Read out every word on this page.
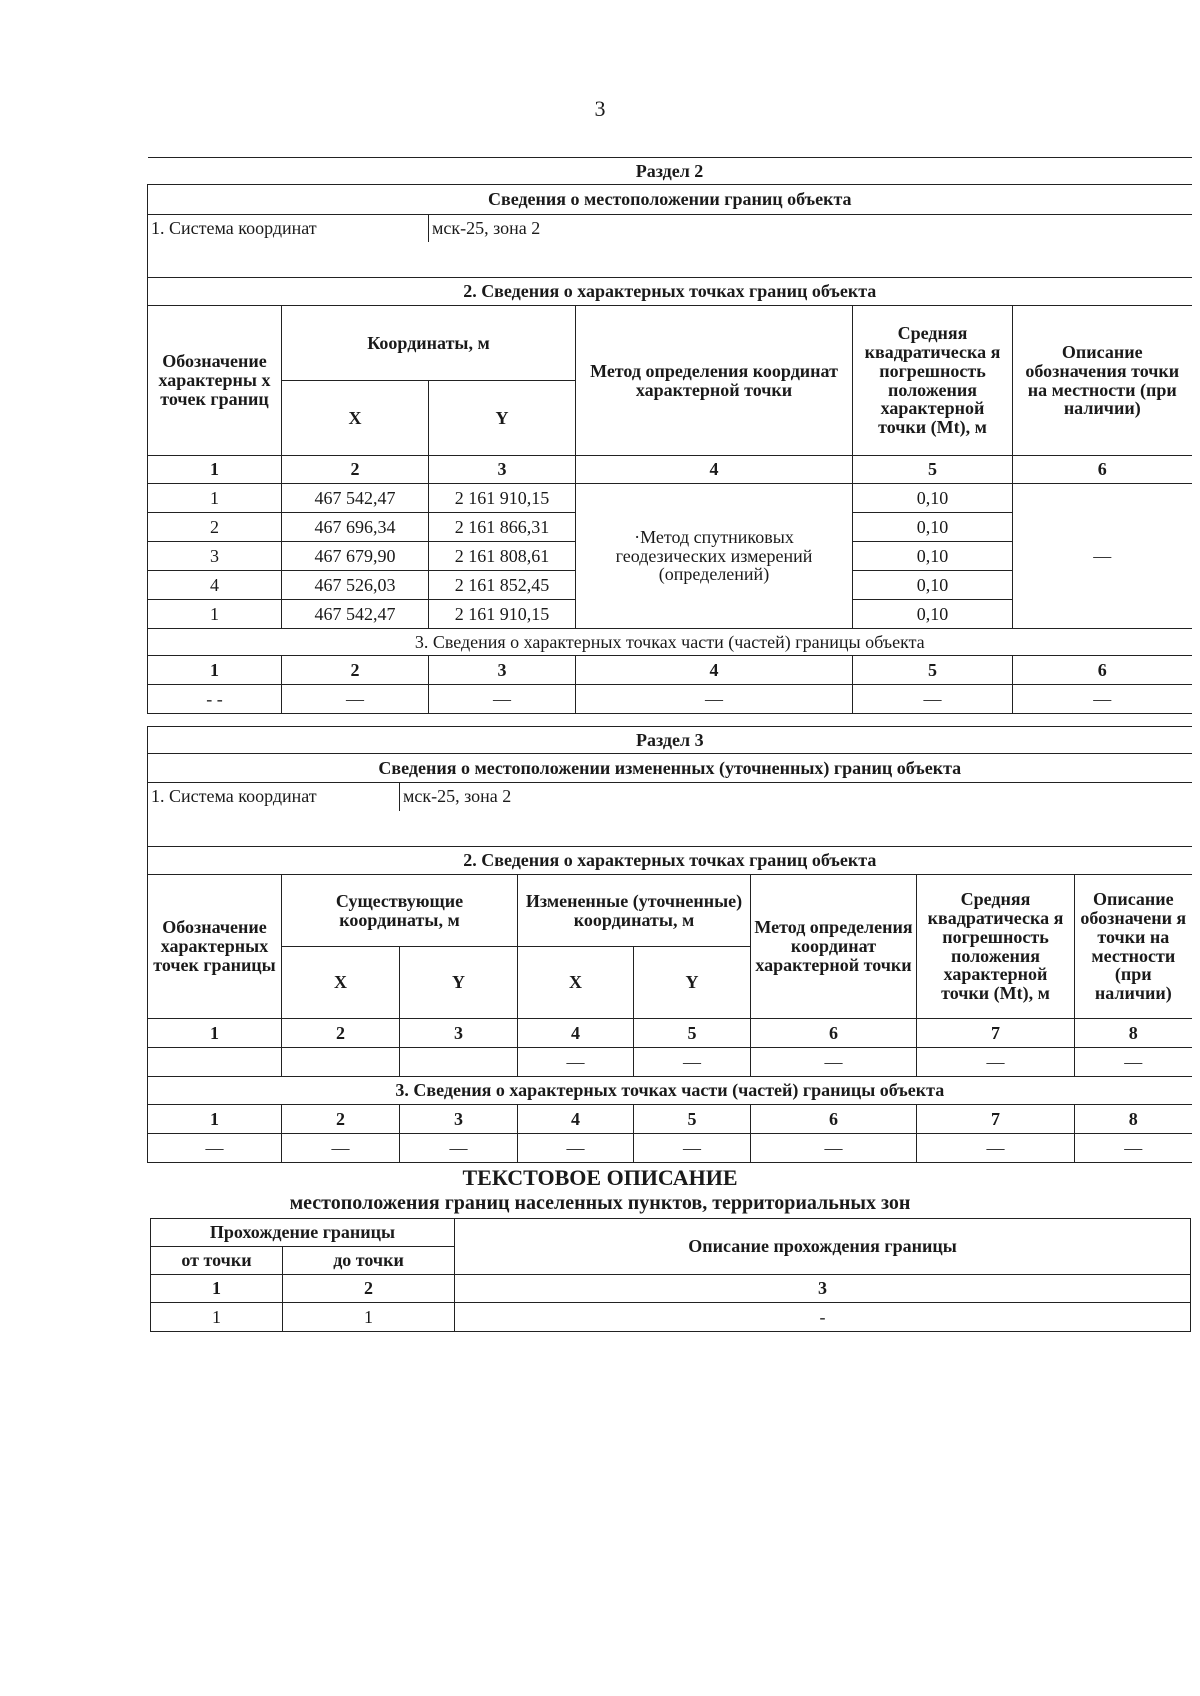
3
Раздел 2					
Сведения о местоположении границ объекта					
1. Система координат		мск-25, зона 2			

2. Сведения о характерных точках границ объекта					
Обозначение характерны х точек границ	Координаты, м		Метод определения координат характерной точки	Средняя квадратическа я погрешность положения характерной точки (Mt), м	Описание обозначения точки на местности (при наличии)
	X	Y			
1	2	3	4	5	6
1	467 542,47	2 161 910,15	·Метод спутниковых геодезических измерений (определений)	0,10	—
2	467 696,34	2 161 866,31		0,10	
3	467 679,90	2 161 808,61		0,10	
4	467 526,03	2 161 852,45		0,10	
1	467 542,47	2 161 910,15		0,10	
3. Сведения о характерных точках части (частей) границы объекта					
1	2	3	4	5	6
- -	—	—	—	—	—
Раздел 3							
Сведения о местоположении измененных (уточненных) границ объекта							
1. Система координат		мск-25, зона 2					

2. Сведения о характерных точках границ объекта							
Обозначение характерных точек границы	Существующие координаты, м		Измененные (уточненные) координаты, м		Метод определения координат характерной точки	Средняя квадратическа я погрешность положения характерной точки (Mt), м	Описание обозначени я точки на местности (при наличии)
	X	Y	X	Y			
1	2	3	4	5	6	7	8
			—	—	—	—	—
3. Сведения о характерных точках части (частей) границы объекта							
1	2	3	4	5	6	7	8
—	—	—	—	—	—	—	—
ТЕКСТОВОЕ ОПИСАНИЕ
местоположения границ населенных пунктов, территориальных зон
Прохождение границы		Описание прохождения границы
от точки	до точки	
1	2	3
1	1	-
